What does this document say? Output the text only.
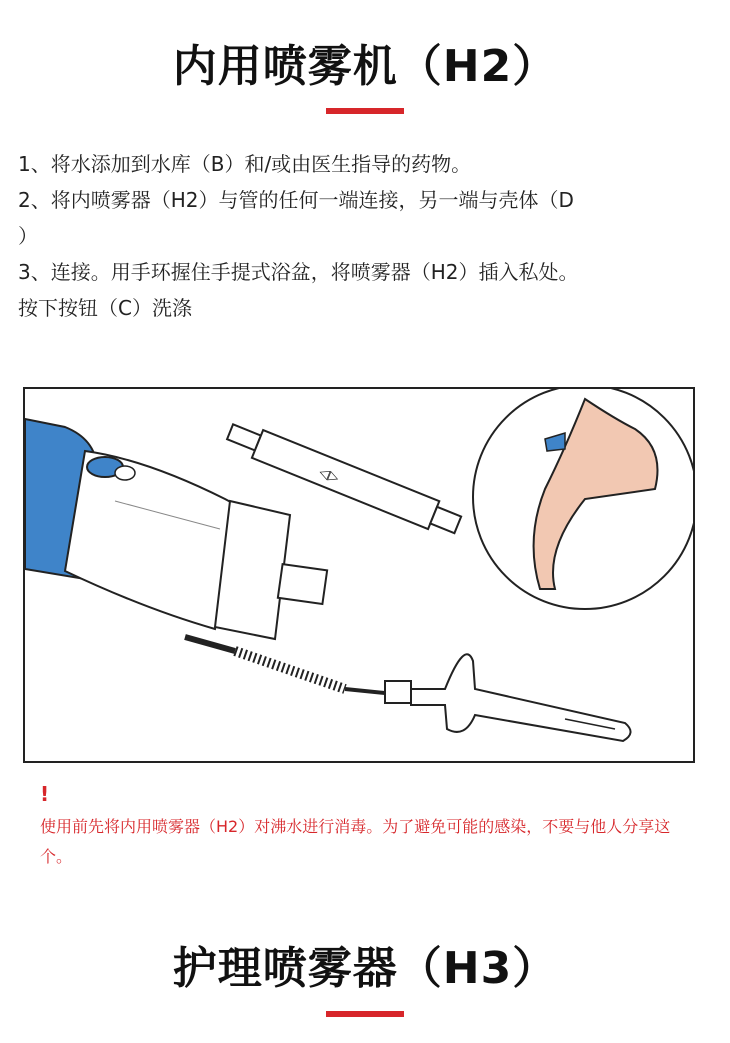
内用喷雾机（H2）

1、将水添加到水库（B）和/或由医生指导的药物。

2、将内喷雾器（H2）与管的任何一端连接，另一端与壳体（D

）

3、连接。用手环握住手提式浴盆，将喷雾器（H2）插入私处。

按下按钮（C）洗涤

◁▷
!
使用前先将内用喷雾器（H2）对沸水进行消毒。为了避免可能的感染，不要与他人分享这个。
护理喷雾器（H3）
